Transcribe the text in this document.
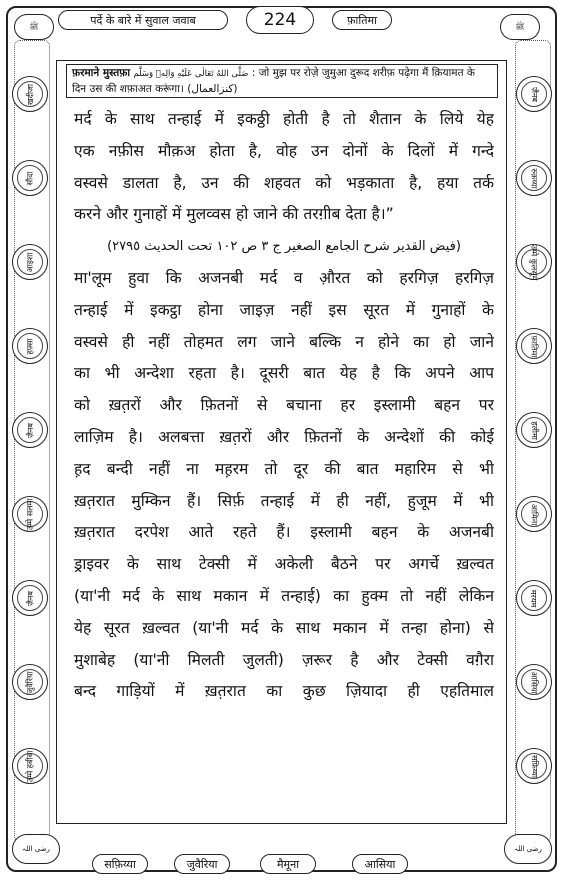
पर्दे के बारे में सुवाल जवाब	224	फ़ातिमा	ﷺ
ﷺ
खदीजा
सौदा
आइशा
हफ़्सा
ज़ैनब
उम्मे सलमा
ज़ैनब
जुवैरिया
उम्मे हबीबा
ज़ैनब
रुक़य्या
उम्मे कुलसूम
फ़ातिमा
हलीमा
आमिना
मरयम
आसिया
सफ़िय्या
رضی اللہ	رضی اللہ
सफ़िय्या	जुवैरिया	मैमूना	आसिया
फ़रमाने मुस्तफ़ा صَلَّى اللهُ تَعَالٰى عَلَيْهِ وَالِهٖ وَسَلَّم : जो मुझ पर रोज़े जुमुआ दुरूद शरीफ़ पढ़ेगा मैं क़ियामत के दिन उस की शफ़ाअत करूंगा। (کنزالعمال)
मर्द के साथ तन्हाई में इकठ्ठी होती है तो शैतान के लिये येह
एक नफ़ीस मौक़अ होता है, वोह उन दोनों के दिलों में गन्दे
वस्वसे डालता है, उन की शहवत को भड़काता है, हया तर्क
करने और गुनाहों में मुलव्वस हो जाने की तरग़ीब देता है।”
(فيض القدير شرح الجامع الصغير ج ٣ ص ١٠٢ تحت الحديث ٢٧٩٥)
मा'लूम हुवा कि अजनबी मर्द व औ़रत को हरगिज़ हरगिज़
तन्हाई में इकट्ठा होना जाइज़ नहीं इस सूरत में गुनाहों के
वस्वसे ही नहीं तोहमत लग जाने बल्कि न होने का हो जाने
का भी अन्देशा रहता है। दूसरी बात येह है कि अपने आप
को ख़त़रों और फ़ितनों से बचाना हर इस्लामी बहन पर
लाज़िम है। अलबत्ता ख़त़रों और फ़ितनों के अन्देशों की कोई
ह़द बन्दी नहीं ना मह़रम तो दूर की बात महारिम से भी
ख़त़रात मुम्किन हैं। सिर्फ़ तन्हाई में ही नहीं, हुजूम में भी
ख़त़रात दरपेश आते रहते हैं। इस्लामी बहन के अजनबी
ड्राइवर के साथ टेक्सी में अकेली बैठने पर अगर्चे ख़ल्वत
(या'नी मर्द के साथ मकान में तन्हाई) का हुक्म तो नहीं लेकिन
येह सूरत ख़ल्वत (या'नी मर्द के साथ मकान में तन्हा होना) से
मुशाबेह (या'नी मिलती जुलती) ज़रूर है और टेक्सी वग़ैरा
बन्द गाड़ियों में ख़त़रात का कुछ ज़ियादा ही एहतिमाल
